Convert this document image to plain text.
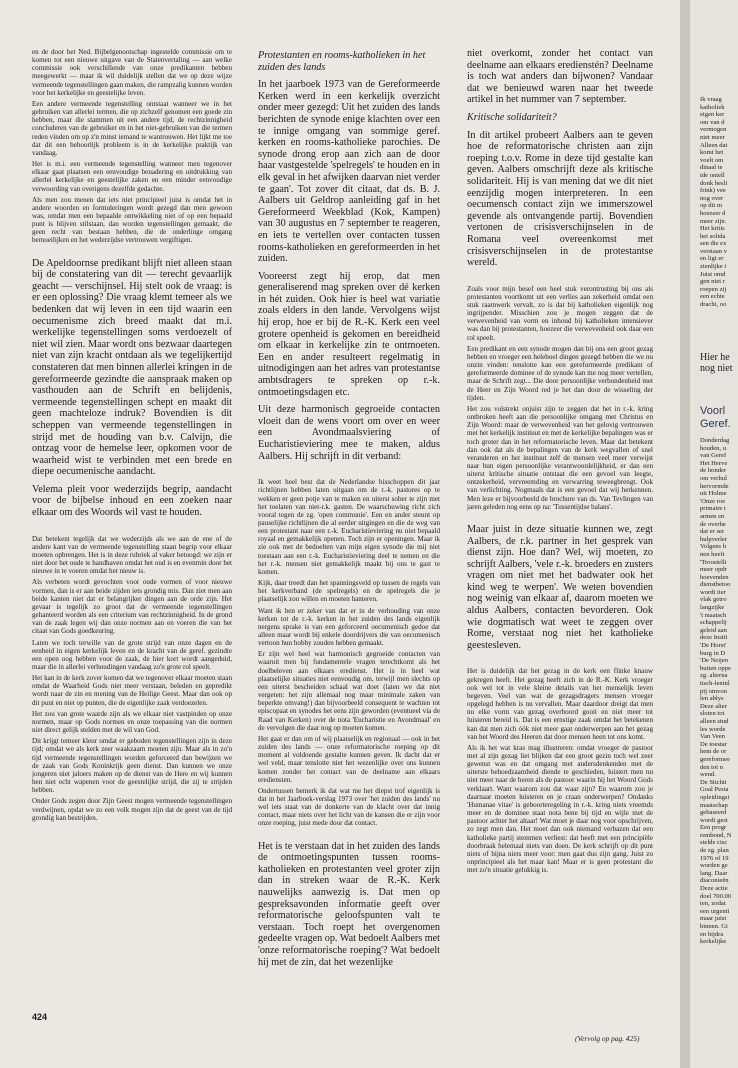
en de door het Ned. Bijbelgenootschap ingestelde commissie om te komen tot een nieuwe uitgave van de Statenvertaling — aan welke commissie ook verschillende van onze predikanten hebben meegewerkt — maar ik wil duidelijk stellen dat we op deze wijze vermeende tegenstellingen gaan maken, die rampzalig kunnen worden voor het kerkelijke en geestelijke leven.

Een andere vermeende tegenstelling ontstaat wanneer we in het gebruiken van allerlei termen, die op zichzelf genomen een goede zin hebben, maar die stammen uit een andere tijd, de rechtzinnigheid concluderen van de gebruiker en in het niet-gebruiken van die termen reden vinden om op z'n minst iemand te wantrouwen. Het lijkt me toe dat dit een behoorlijk probleem is in de kerkelijke praktijk van vandaag.

Het is m.i. een vermeende tegenstelling wanneer men tegenover elkaar gaat plaatsen een eenvoudige benadering en uitdrukking van allerlei kerkelijke en geestelijke zaken en een minder eenvoudige verwoording van overigens dezelfde gedachte.

Als men zou menen dat iets niet principieel juist is omdat het in andere woorden en formuleringen wordt gezegd dan men gewoon was, omdat men een bepaalde ontwikkeling niet of op een bepaald punt is blijven stilstaan, dan worden tegenstellingen gemaakt, die geen recht van bestaan hebben, die de onderlinge omgang bemoeilijken en het wederzijdse vertrouwen vergiftigen.

De Apeldoornse predikant blijft niet alleen staan bij de constatering van dit — terecht gevaarlijk geacht — verschijnsel. Hij stelt ook de vraag: is er een oplossing? Die vraag klemt temeer als we bedenken dat wij leven in een tijd waarin een oecumenisme zich breed maakt dat m.i. werkelijke tegenstellingen soms verdoezelt of niet wil zien. Maar wordt ons bezwaar daartegen niet van zijn kracht ontdaan als we tegelijkertijd constateren dat men binnen allerlei kringen in de gereformeerde gezindte die aanspraak maken op vasthouden aan de Schrift en belijdenis, vermeende tegenstellingen schept en maakt dit geen machteloze indruk? Bovendien is dit scheppen van vermeende tegenstellingen in strijd met de houding van b.v. Calvijn, die ontzag voor de hemelse leer, opkomen voor de waarheid wist te verbinden met een brede en diepe oecumenische aandacht.

Velema pleit voor wederzijds begrip, aandacht voor de bijbelse inhoud en een zoeken naar elkaar om des Woords wil vast te houden.

Dat betekent tegelijk dat we wederzijds als we aan de ene of de andere kant van de vermeende tegenstelling staan begrip voor elkaar moeten opbrengen. Het is in deze rubriek al vaker betoogd: we zijn er niet door het oude te handhaven omdat het oud is en evenmin door het nieuwe in te voeren omdat het nieuw is.

Als verbeten wordt gevochten voor oude vormen of voor nieuwe vormen, dan is er aan beide zijden iets grondig mis. Dan ziet men aan beide kanten niet dat er belangrijker dingen aan de orde zijn. Het gevaar is tegelijk zo groot dat de vermeende tegenstellingen gehanteerd worden als een criterium van rechtzinnigheid. In de grond van de zaak legen wij dan onze normen aan en voeren die van het citaat van Gods goedkeuring.

Laten we toch terwille van de grote strijd van onze dagen en de eenheid in eigen kerkelijk leven en de kracht van de geref. gezindte een open oog hebben voor de zaak, de hier kort wordt aangeduid, maar die in allerlei verhoudingen vandaag zo'n grote rol speelt.

Het kan in de kerk zover komen dat we tegenover elkaar moeten staan omdat de Waarheid Gods niet meer verstaan, beleden en gepredikt wordt naar de zin en mening van de Heilige Geest. Maar dan ook op dit punt en niet op punten, die de eigenlijke zaak verdoezelen.

Het zou van grote waarde zijn als we elkaar niet vastpinden op onze normen, maar op Gods normen en onze toepassing van die normen niet direct gelijk stelden met de wil van God.

Dit krijgt temeer kleur omdat er geboden tegenstellingen zijn in deze tijd; omdat we als kerk zeer waakzaam moeten zijn. Maar als in zo'n tijd vermeende tegenstellingen worden geforceerd dan bewijzen we de zaak van Gods Koninkrijk geen dienst. Dan kunnen we onze jongeren niet jaloers maken op de dienst van de Here en wij kunnen hen niet echt wapenen voor de geestelijke strijd, die zij te strijden hebben.

Onder Gods zegen door Zijn Geest mogen vermeende tegenstellingen verdwijnen, opdat we zo een volk mogen zijn dat de geest van de tijd grondig kan bestrijden.

Protestanten en rooms-katholieken in het zuiden des lands

In het jaarboek 1973 van de Gereformeerde Kerken werd in een kerkelijk overzicht onder meer gezegd: Uit het zuiden des lands berichten de synode enige klachten over een te innige omgang van sommige geref. kerken en rooms-katholieke parochies. De synode drong erop aan zich aan de door haar vastgestelde 'spelregels' te houden en in elk geval in het afwijken daarvan niet verder te gaan'. Tot zover dit citaat, dat ds. B. J. Aalbers uit Geldrop aanleiding gaf in het Gereformeerd Weekblad (Kok, Kampen) van 30 augustus en 7 september te reageren, en iets te vertellen over contacten tussen rooms-katholieken en gereformeerden in het zuiden.

Vooreerst zegt hij erop, dat men generaliserend mag spreken over dé kerken in hét zuiden. Ook hier is heel wat variatie zoals elders in den lande. Vervolgens wijst hij erop, hoe er bij de R.-K. Kerk een veel grotere openheid is gekomen en bereidheid om elkaar in kerkelijke zin te ontmoeten. Een en ander resulteert regelmatig in uitnodigingen aan het adres van protestantse ambtsdragers te spreken op r.-k. ontmoetingsdagen etc.

Uit deze harmonisch gegroeide contacten vloeit dan de wens voort om over en weer een Avondmaalsviering of Eucharistieviering mee te maken, aldus Aalbers. Hij schrijft in dit verband:

Ik weet heel best dat de Nederlandse bisschoppen dit jaar richtlijnen hebben laten uitgaan om de r.-k. pastores op te wekken er geen potje van te maken en uiterst sober te zijn met het toelaten van niet-r.k. gasten. De waarschuwing richt zich vooral tegen de zg. 'open communie'. Een en ander steunt op pauselijke richtlijnen die al eerder uitgingen en die de weg van een protestant naar een r.-k. Eucharistieviering nu niet bepaald royaal en gemakkelijk openen. Toch zijn er openingen. Maar ik zie ook met de bedoelten van mijn eigen synode die mij niet toestaan aan een r.-k. Eucharistieviering deel te nemen en die het r.-k. mensen niet gemakkelijk maakt bij ons te gast te komen.

Kijk, daar treedt dan het spanningsveld op tussen de regels van het kerkverband (de spelregels) en de spelregels die je plaatselijk zou willen en moeten hanteren.

Want ik ben er zeker van dat er in de verhouding van onze kerken tot de r.-k. kerken in het zuiden des lands eigenlijk nergens sprake is van een geforceerd oecumenisch gedoe dat alleen maar wordt bij enkele doordrijvers die van oecumenisch vertoon hun hobby zouden hebben gemaakt.

Er zijn wel heel wat harmonisch gegroeide contacten van waaruit men bij fundamentele vragen terechtkomt als het doelbeleven aan elkaars eredienst. Het is in heel wat plaatselijke situaties niet eenvoudig om, terwijl men slechts op een uiterst bescheiden schaal wat doet (laten we dat niet vergeten: het zijn allemaal nog maar minimale zaken van beperkte omvang!) dan bijvoorbeeld consequent te wachten tot episcopaat en synodes het eens zijn geworden (eventueel via de Raad van Kerken) over de nota 'Eucharistie en Avondmaal' en de vervolgen die daar nog op moeten komen.

Het gaat er dan om of wij plaatselijk en regionaal — ook in het zuiden des lands — onze reformatorische roeping op dit moment al voldoende gestalte kunnen geven. Ik dacht dat er wel veld, maar tenslotte niet het wezenlijke over ons kunnen komen zonder het contact van de deelname aan elkaars erediensten.

Ondertussen bemerk ik dat wat me het diepst trof eigenlijk is dat in het Jaarboek-verslag 1973 over 'het zuiden des lands' nu wel iets staat van de donkerte van de klacht over dat innig contact, maar niets over het licht van de kansen die er zijn voor onze roeping, juist mede door dat contact.

Het is te verstaan dat in het zuiden des lands de ontmoetingspunten tussen rooms-katholieken en protestanten veel groter zijn dan in streken waar de R.-K. Kerk nauwelijks aanwezig is. Dat men op gespreksavonden informatie geeft over reformatorische geloofspunten valt te verstaan. Toch roept het overgenomen gedeelte vragen op. Wat bedoelt Aalbers met 'onze reformatorische roeping'? Wat bedoelt hij met de zin, dat het wezenlijke

niet overkomt, zonder het contact van deelname aan elkaars eredienstén? Deelname is toch wat anders dan bijwonen? Vandaar dat we benieuwd waren naar het tweede artikel in het nummer van 7 september.

Kritische solidariteit?

In dit artikel probeert Aalbers aan te geven hoe de reformatorische christen aan zijn roeping t.o.v. Rome in deze tijd gestalte kan geven. Aalbers omschrijft deze als kritische solidariteit. Hij is van mening dat we dit niet eenzijdig mogen interpreteren. In een oecumensch contact zijn we immerszowel gevende als ontvangende partij. Bovendien vertonen de crisisverschijnselen in de Romana veel overeenkomst met crisisverschijnselen in de protestantse wereld.

Zoals voor mijn besef een heel stuk verontrusting bij ons als protestanten voortkomt uit een verlies aan zekerheid omdat een stuk raamwerk vervalt, zo is dat bij katholieken eigenlijk nog ingrijpender. Misschien zou je mogen zeggen dat de verwevenheid van vorm en inhoud bij katholieken intensiever was dan bij protestanten, hoezeer die verwevenheid ook daar een rol speelt.

Een predikant en een synode mogen dan bij ons een groot gezag hebben en vroeger een heleboel dingen gezegd hebben die we nu onzin vinden: tenslotte kan een gereformeerde predikant of gereformeerde dominee of de synode kan me nog meer vertellen, maar de Schrift zegt... Die door persoonlijke verbondenheid met de Heer en Zijn Woord red je het dan door de wisseling der tijden.

Het zou volstrekt onjuist zijn te zeggen dat het in r.-k. kring ontbroken heeft aan die persoonlijke omgang met Christus en Zijn Woord: maar de verwevenheid van het gelovig vertrouwen met het kerkelijk instituut en met de kerkelijke bepalingen was er toch groter dan in het reformatorische leven. Maar dat betekent dan ook dat als de bepalingen van de kerk wegvallen of snel veranderen en het instituut zelf de mensen veel meer verwijst naar hun eigen persoonlijke verantwoordelijkheid, er dan een uiterst kritische situatie ontstaat die een gevoel van leegte, ontzekerheid, vervreemding en verwarring teweegbrengt. Ook van verlichting. Nogmaals dat is een gevoel dat wij herkennen. Men leze er bijvoorbeeld de brochure van ds. Van Tevlingen van jaren geleden nog eens op na: 'Tussentijdse balans'.

Maar juist in deze situatie kunnen we, zegt Aalbers, de r.k. partner in het gesprek van dienst zijn. Hoe dan? Wel, wij moeten, zo schrijft Aalbers, 'vele r.-k. broeders en zusters vragen om niet met het badwater ook het kind weg te werpen'. We weten bovendien nog weinig van elkaar af, daarom moeten we aldus Aalbers, contacten bevorderen. Ook wie dogmatisch wat weet te zeggen over Rome, verstaat nog niet het katholieke geestesleven.

Het is duidelijk dat het gezag in de kerk een flinke knauw gekregen heeft. Het gezag heeft zich in de R.-K. Kerk vroeger ook wel tot in vele kleine details van het menselijk leven begeven. Veel van wat de gezagsdragers mensen vroeger opgelegd hebben is nu vervallen. Maar daardoor dreigt dat men nu elke vorm van gezag overboord gooit en niet meer tot luisteren bereid is. Dat is een ernstige zaak omdat het betekenen kan dat men zich óók niet meer gaat onderwerpen aan het gezag van het Woord des Heeren dat door mensen heen tot ons komt.

Als ik het wat kras mag illustreren: omdat vroeger de pastoor met al zijn gezag liet blijken dat een groot gezin toch wel zeer gewenst was en dat omgang met andersdenkenden met de uiterste behoedzaamheid diende te geschieden, luistert men nu niet meer naar de heren als de pastoor waarin hij het Woord Gods verklaart. Want waarom zou dat waar zijn? En waarom zou je daarnaar moeten luisteren en je craan onderwerpen? Ondanks 'Humanae vitae' is geboorteregeling in r.-k. kring niets vreemds meer en de dominee staat nota bene bij tijd en wijle met de pastoor achter het altaar! Wat moet je daar nog voor opschrijven, zo zegt men dan. Het moet dan ook niemand verbazen dat een katholieke partij stemmen verliest: dat heeft met een principiële doorbraak helemaal niets van doen. De kerk schrijft op dit punt niets of bijna niets meer voor: men gaat dus zijn gang. Juist zo onprincipieel als het maar kan! Maar er is geen protestant die met zo'n situatie gelukkig is.

424
(Vervolg op pag. 425)
Ik vraag
katholiek
eigen ker
om van d
vermogen
niet meer
Alleen dat
komt het
voelt om
dinaal te
ide ontell
donk besli
frink) vee
nog over
op dit m
hoezeer d
meer zijn.
Het kritis
het solida
sen die ex
verstaan v
en ligt er
zienlijke t
Juist omd
gen niet r
roepen zij
een echte
drachi, oo
Hier he
nog niet
Voorl
Geref.
Donderdag
houden, u
van Geref
Het Herve
de honder
om verhul
hervormde
uit Holme
'Onze roe
primaire t
armen en
de overhe
dat er ser
hulpverler
Volgens h
nen heeft
'Troostelli
meer opdr
hoevenden
dienstbetoo
wordt iier
vlak getro
langzijke
't maatsch
schappelij
geleid aan
deze Instit
'De Horst'
burg in D
'De Neijen
buiten oppe
zg. alterna
tisch-leninl
pij omvon
len ablys
Deze alter
sloten tot
alleen stud
les worde
Van Veen
De toestar
hem de or
gereformee
den tot n
wend.
De Stichti
Goal Pesta
opleidingsi
maatschap
gebaseerd
wordt gest
Een progr
rembond, N
stelde cisc
de zg. plan
1976 of 19
worden ge
lang. Daar
diaconieën
Deze actie
doel 700.00
ten, zodat
een urgenti
maar juist
binnen. Gi
en bijdra
kerkelijke
